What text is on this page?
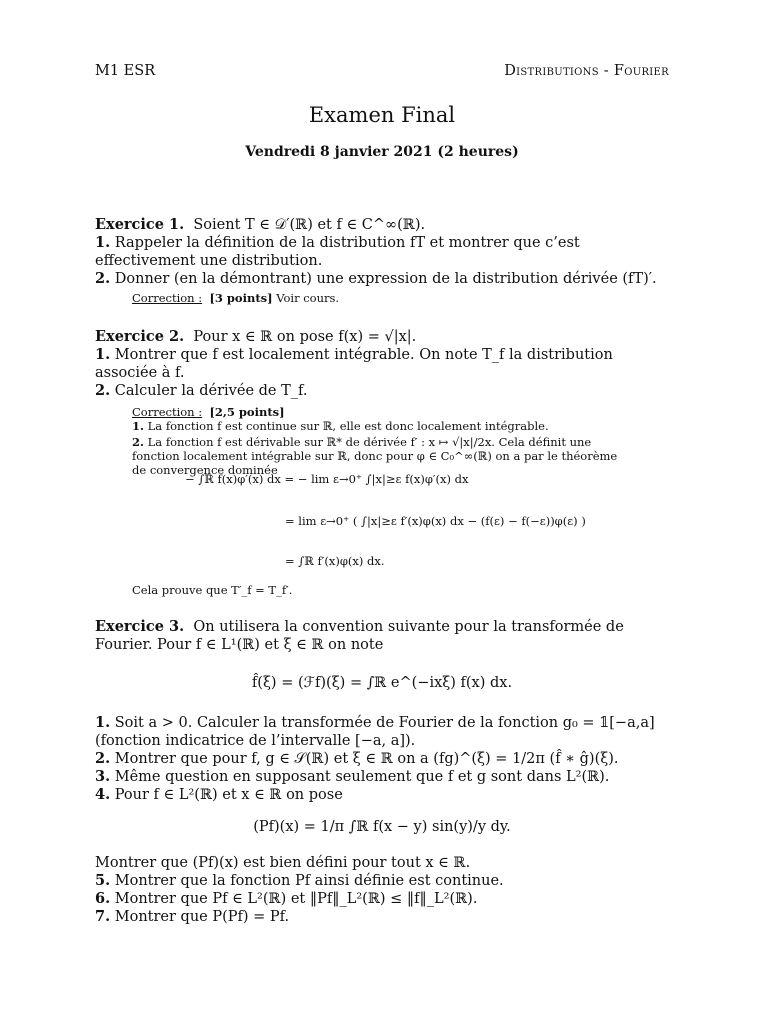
M1 ESR	Distributions - Fourier
Examen Final
Vendredi 8 janvier 2021 (2 heures)

Exercice 1. Soient T ∈ 𝒟′(ℝ) et f ∈ C^∞(ℝ).

1. Rappeler la définition de la distribution fT et montrer que c’est effectivement une distribution.

2. Donner (en la démontrant) une expression de la distribution dérivée (fT)′.

Correction : [3 points] Voir cours.

Exercice 2. Pour x ∈ ℝ on pose f(x) = √|x|.

1. Montrer que f est localement intégrable. On note T_f la distribution associée à f.

2. Calculer la dérivée de T_f.

Correction : [2,5 points]

1. La fonction f est continue sur ℝ, elle est donc localement intégrable.

2. La fonction f est dérivable sur ℝ* de dérivée f′ : x ↦ √|x|/2x. Cela définit une fonction localement intégrable sur ℝ, donc pour φ ∈ C₀^∞(ℝ) on a par le théorème de convergence dominée

− ∫ℝ f(x)φ′(x) dx = − lim ε→0⁺ ∫|x|≥ε f(x)φ′(x) dx
= lim ε→0⁺ ( ∫|x|≥ε f′(x)φ(x) dx − (f(ε) − f(−ε))φ(ε) )
= ∫ℝ f′(x)φ(x) dx.

Cela prouve que T′_f = T_f′.

Exercice 3. On utilisera la convention suivante pour la transformée de Fourier. Pour f ∈ L¹(ℝ) et ξ ∈ ℝ on note

f̂(ξ) = (ℱf)(ξ) = ∫ℝ e^(−ixξ) f(x) dx.

1. Soit a > 0. Calculer la transformée de Fourier de la fonction g₀ = 𝟙[−a,a] (fonction indicatrice de l’intervalle [−a, a]).

2. Montrer que pour f, g ∈ 𝒮(ℝ) et ξ ∈ ℝ on a (fg)^(ξ) = 1/2π (f̂ ∗ ĝ)(ξ).

3. Même question en supposant seulement que f et g sont dans L²(ℝ).

4. Pour f ∈ L²(ℝ) et x ∈ ℝ on pose

(Pf)(x) = 1/π ∫ℝ f(x − y) sin(y)/y dy.

Montrer que (Pf)(x) est bien défini pour tout x ∈ ℝ.

5. Montrer que la fonction Pf ainsi définie est continue.

6. Montrer que Pf ∈ L²(ℝ) et ‖Pf‖_L²(ℝ) ≤ ‖f‖_L²(ℝ).

7. Montrer que P(Pf) = Pf.
